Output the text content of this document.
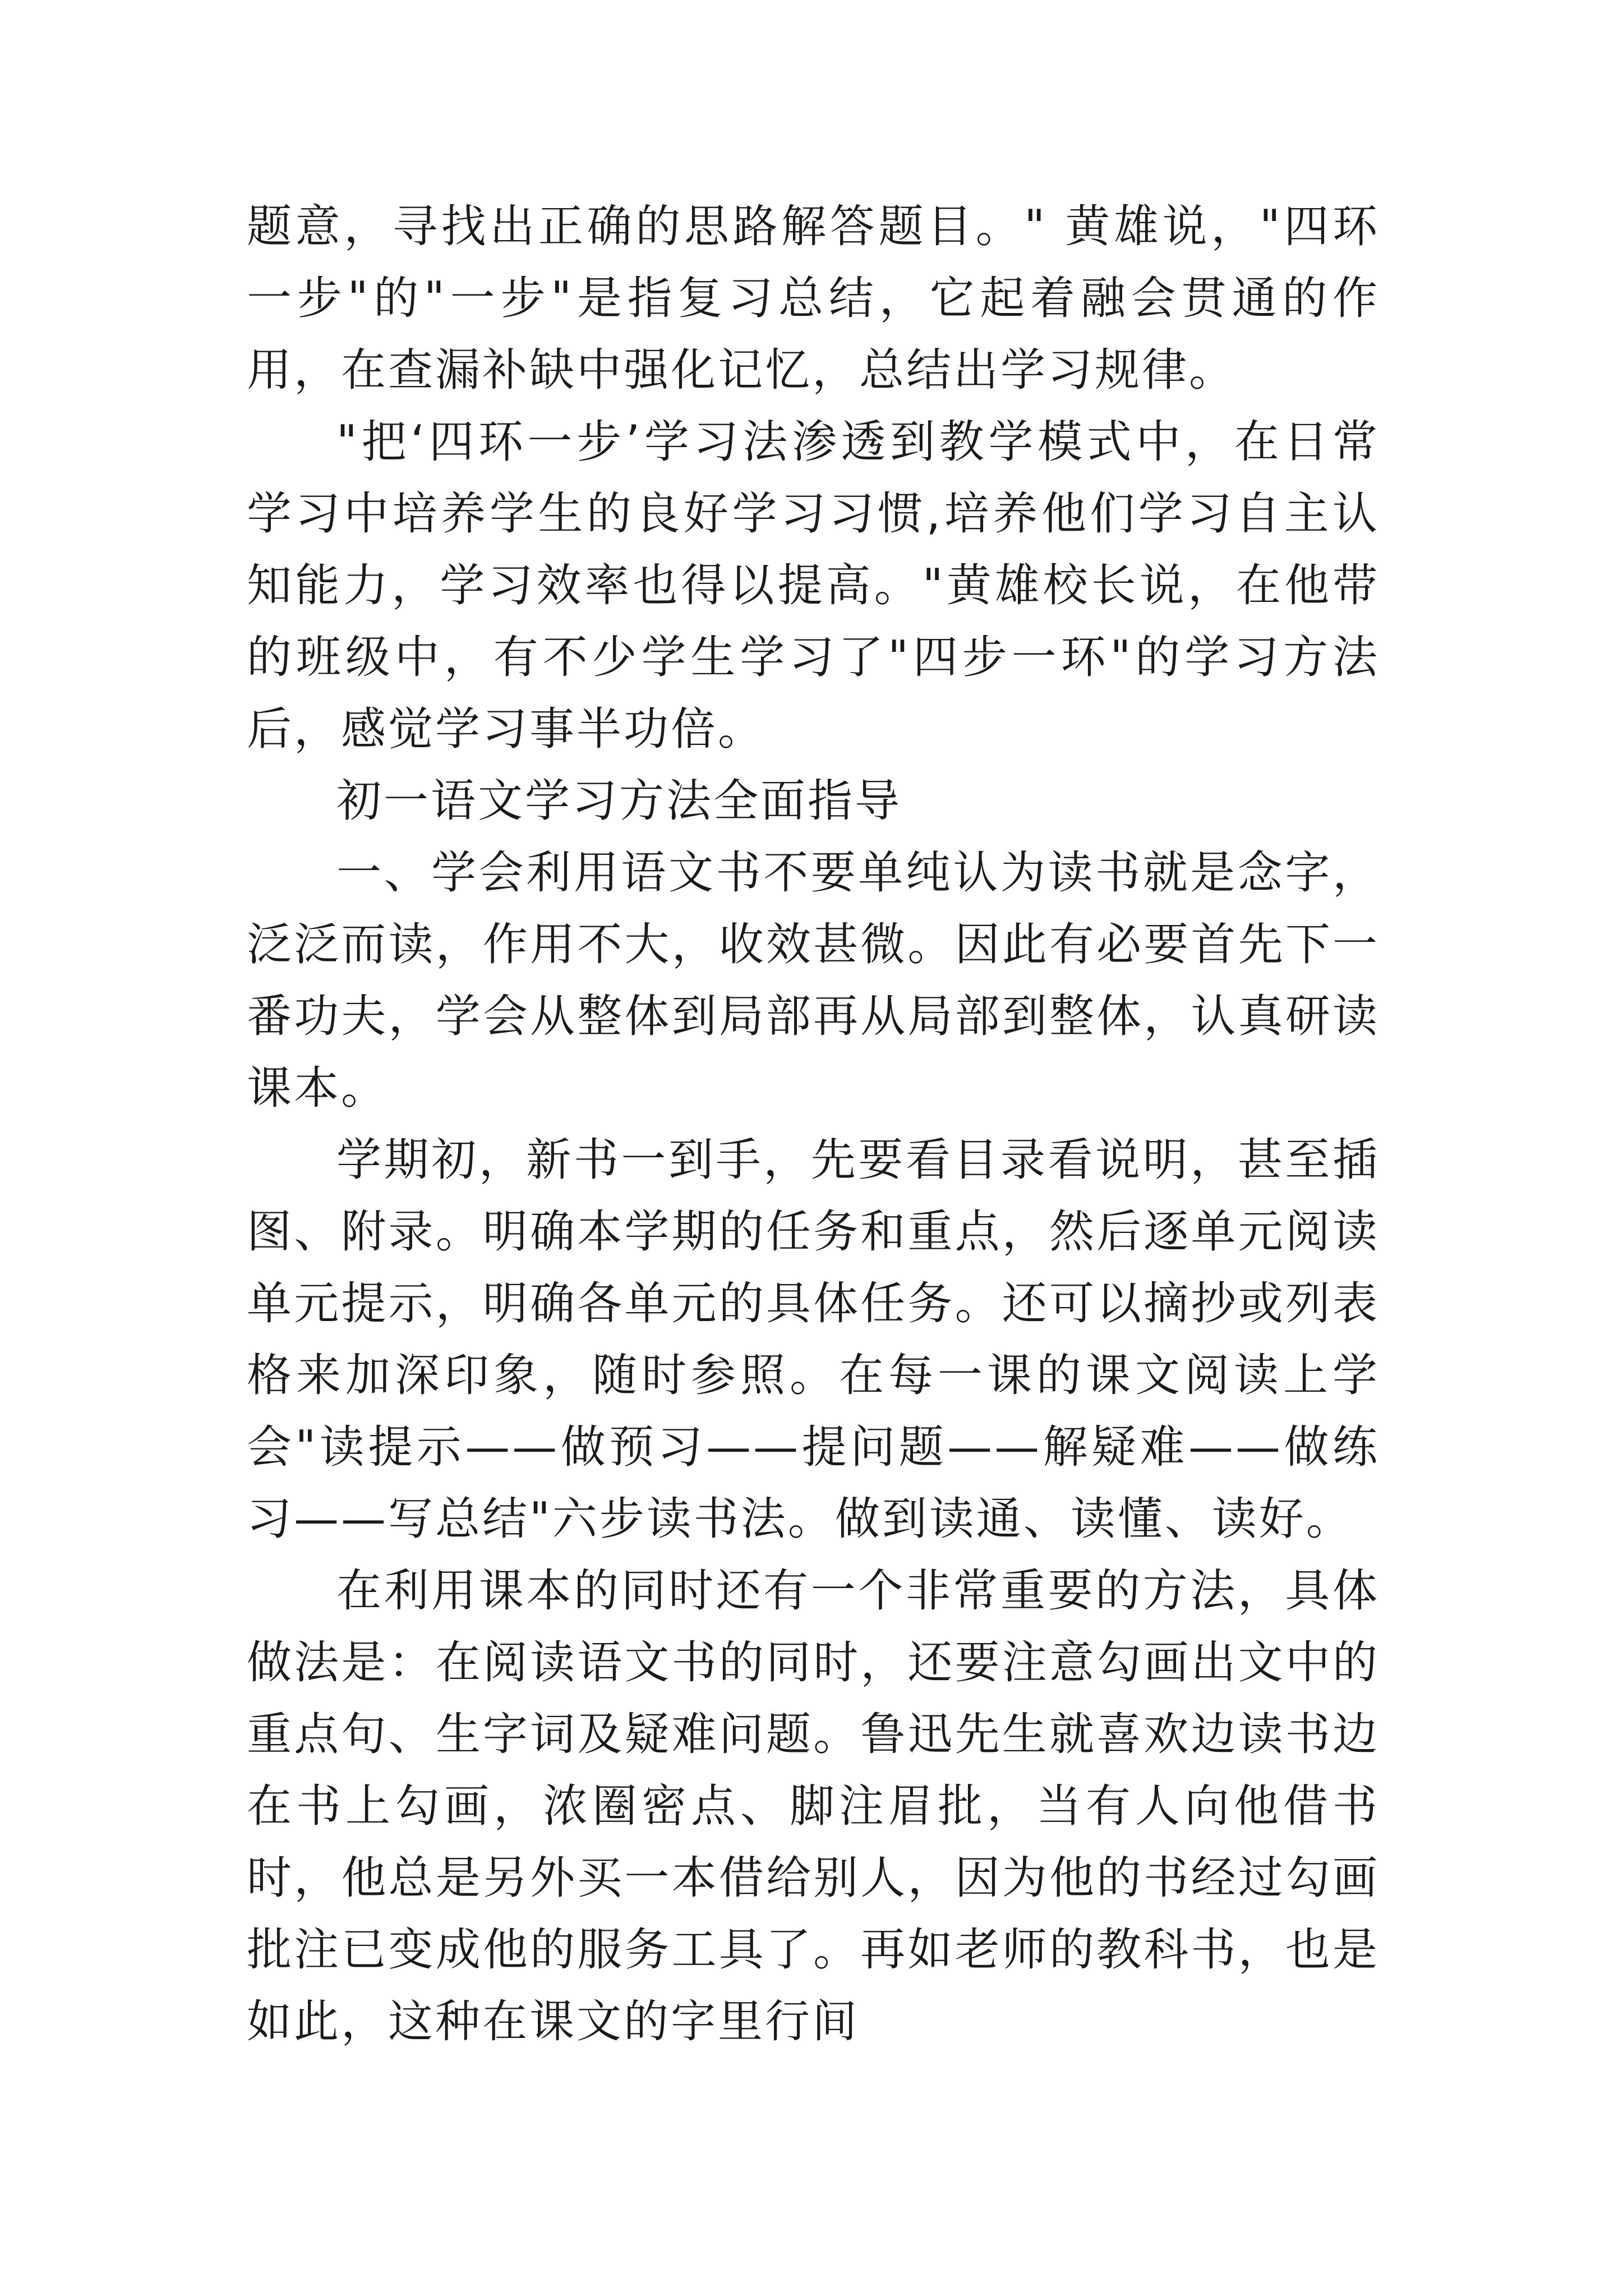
题意，寻找出正确的思路解答题目。" 黄雄说，"四环一步"的"一步"是指复习总结，它起着融会贯通的作用，在查漏补缺中强化记忆，总结出学习规律。

"把‘四环一步’学习法渗透到教学模式中，在日常学习中培养学生的良好学习习惯,培养他们学习自主认知能力，学习效率也得以提高。"黄雄校长说，在他带的班级中，有不少学生学习了"四步一环"的学习方法后，感觉学习事半功倍。

初一语文学习方法全面指导

一、学会利用语文书不要单纯认为读书就是念字，泛泛而读，作用不大，收效甚微。因此有必要首先下一番功夫，学会从整体到局部再从局部到整体，认真研读课本。

学期初，新书一到手，先要看目录看说明，甚至插图、附录。明确本学期的任务和重点，然后逐单元阅读单元提示，明确各单元的具体任务。还可以摘抄或列表格来加深印象，随时参照。在每一课的课文阅读上学会"读提示——做预习——提问题——解疑难——做练习——写总结"六步读书法。做到读通、读懂、读好。

在利用课本的同时还有一个非常重要的方法，具体做法是：在阅读语文书的同时，还要注意勾画出文中的重点句、生字词及疑难问题。鲁迅先生就喜欢边读书边在书上勾画，浓圈密点、脚注眉批，当有人向他借书时，他总是另外买一本借给别人，因为他的书经过勾画批注已变成他的服务工具了。再如老师的教科书，也是如此，这种在课文的字里行间
